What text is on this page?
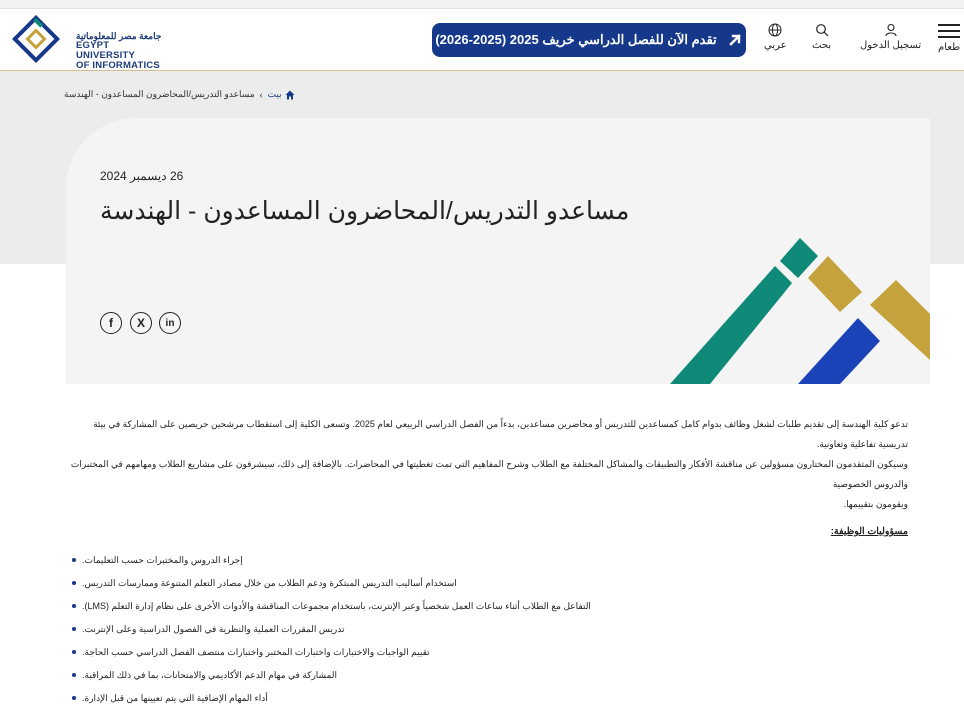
جامعة مصر للمعلوماتية
EGYPT UNIVERSITY
OF INFORMATICS
تقدم الآن للفصل الدراسي خريف 2025 (2025-2026)	عربي	بحث	تسجيل الدخول طعام
بيت
›
مساعدو التدريس/المحاضرون المساعدون - الهندسة
26 ديسمبر 2024
مساعدو التدريس/المحاضرون المساعدون - الهندسة
f X in
تدعو كلية الهندسة إلى تقديم طلبات لشغل وظائف بدوام كامل كمساعدين للتدريس أو محاضرين مساعدين، بدءاً من الفصل الدراسي الربيعي لعام 2025. وتسعى الكلية إلى استقطاب مرشحين حريصين على المشاركة في بيئة تدريسية تفاعلية وتعاونية.
وسيكون المتقدمون المختارون مسؤولين عن مناقشة الأفكار والتطبيقات والمشاكل المختلفة مع الطلاب وشرح المفاهيم التي تمت تغطيتها في المحاضرات. بالإضافة إلى ذلك، سيشرفون على مشاريع الطلاب ومهامهم في المختبرات والدروس الخصوصية
ويقومون بتقييمها.
مسؤوليات الوظيفة:
إجراء الدروس والمختبرات حسب التعليمات.
استخدام أساليب التدريس المبتكرة ودعم الطلاب من خلال مصادر التعلم المتنوعة وممارسات التدريس.
التفاعل مع الطلاب أثناء ساعات العمل شخصياً وعبر الإنترنت، باستخدام مجموعات المناقشة والأدوات الأخرى على نظام إدارة التعلم (LMS).
تدريس المقررات العملية والنظرية في الفصول الدراسية وعلى الإنترنت.
تقييم الواجبات والاختبارات واختبارات المختبر واختبارات منتصف الفصل الدراسي حسب الحاجة.
المشاركة في مهام الدعم الأكاديمي والامتحانات، بما في ذلك المراقبة.
أداء المهام الإضافية التي يتم تعيينها من قبل الإدارة.
